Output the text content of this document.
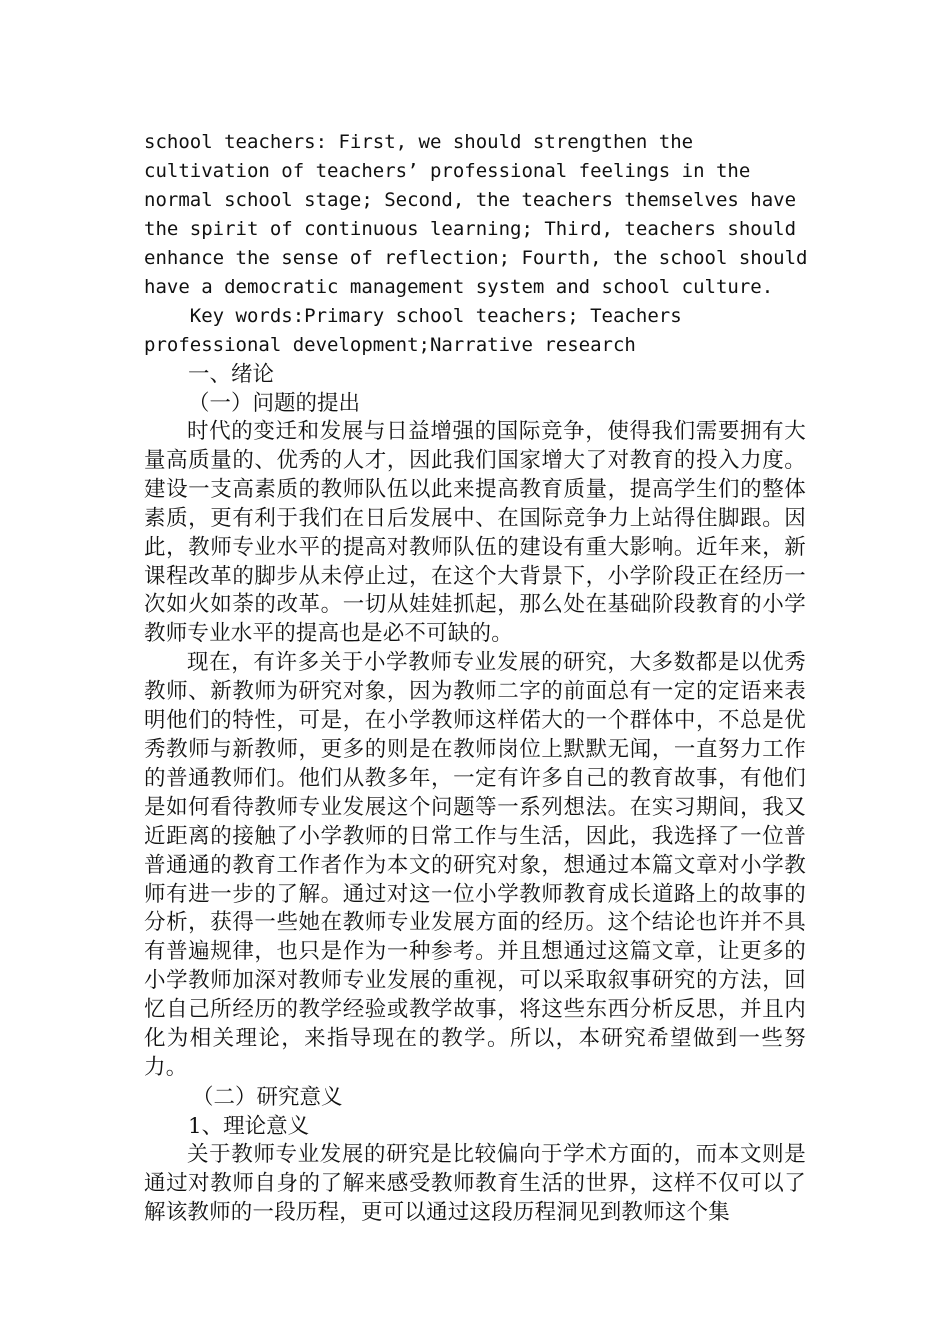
school teachers: First, we should strengthen the

cultivation of teachers’ professional feelings in the

normal school stage; Second, the teachers themselves have

the spirit of continuous learning; Third, teachers should

enhance the sense of reflection; Fourth, the school should

have a democratic management system and school culture.

Key words:Primary school teachers; Teachers

professional development;Narrative research

一、绪论

（一）问题的提出

时代的变迁和发展与日益增强的国际竞争，使得我们需要拥有大量高质量的、优秀的人才，因此我们国家增大了对教育的投入力度。建设一支高素质的教师队伍以此来提高教育质量，提高学生们的整体素质，更有利于我们在日后发展中、在国际竞争力上站得住脚跟。因此，教师专业水平的提高对教师队伍的建设有重大影响。近年来，新课程改革的脚步从未停止过，在这个大背景下，小学阶段正在经历一次如火如荼的改革。一切从娃娃抓起，那么处在基础阶段教育的小学教师专业水平的提高也是必不可缺的。

现在，有许多关于小学教师专业发展的研究，大多数都是以优秀教师、新教师为研究对象，因为教师二字的前面总有一定的定语来表明他们的特性，可是，在小学教师这样偌大的一个群体中，不总是优秀教师与新教师，更多的则是在教师岗位上默默无闻，一直努力工作的普通教师们。他们从教多年，一定有许多自己的教育故事，有他们是如何看待教师专业发展这个问题等一系列想法。在实习期间，我又近距离的接触了小学教师的日常工作与生活，因此，我选择了一位普普通通的教育工作者作为本文的研究对象，想通过本篇文章对小学教师有进一步的了解。通过对这一位小学教师教育成长道路上的故事的分析，获得一些她在教师专业发展方面的经历。这个结论也许并不具有普遍规律，也只是作为一种参考。并且想通过这篇文章，让更多的小学教师加深对教师专业发展的重视，可以采取叙事研究的方法，回忆自己所经历的教学经验或教学故事，将这些东西分析反思，并且内化为相关理论，来指导现在的教学。所以，本研究希望做到一些努力。

（二）研究意义

1、理论意义

关于教师专业发展的研究是比较偏向于学术方面的，而本文则是通过对教师自身的了解来感受教师教育生活的世界，这样不仅可以了解该教师的一段历程，更可以通过这段历程洞见到教师这个集
